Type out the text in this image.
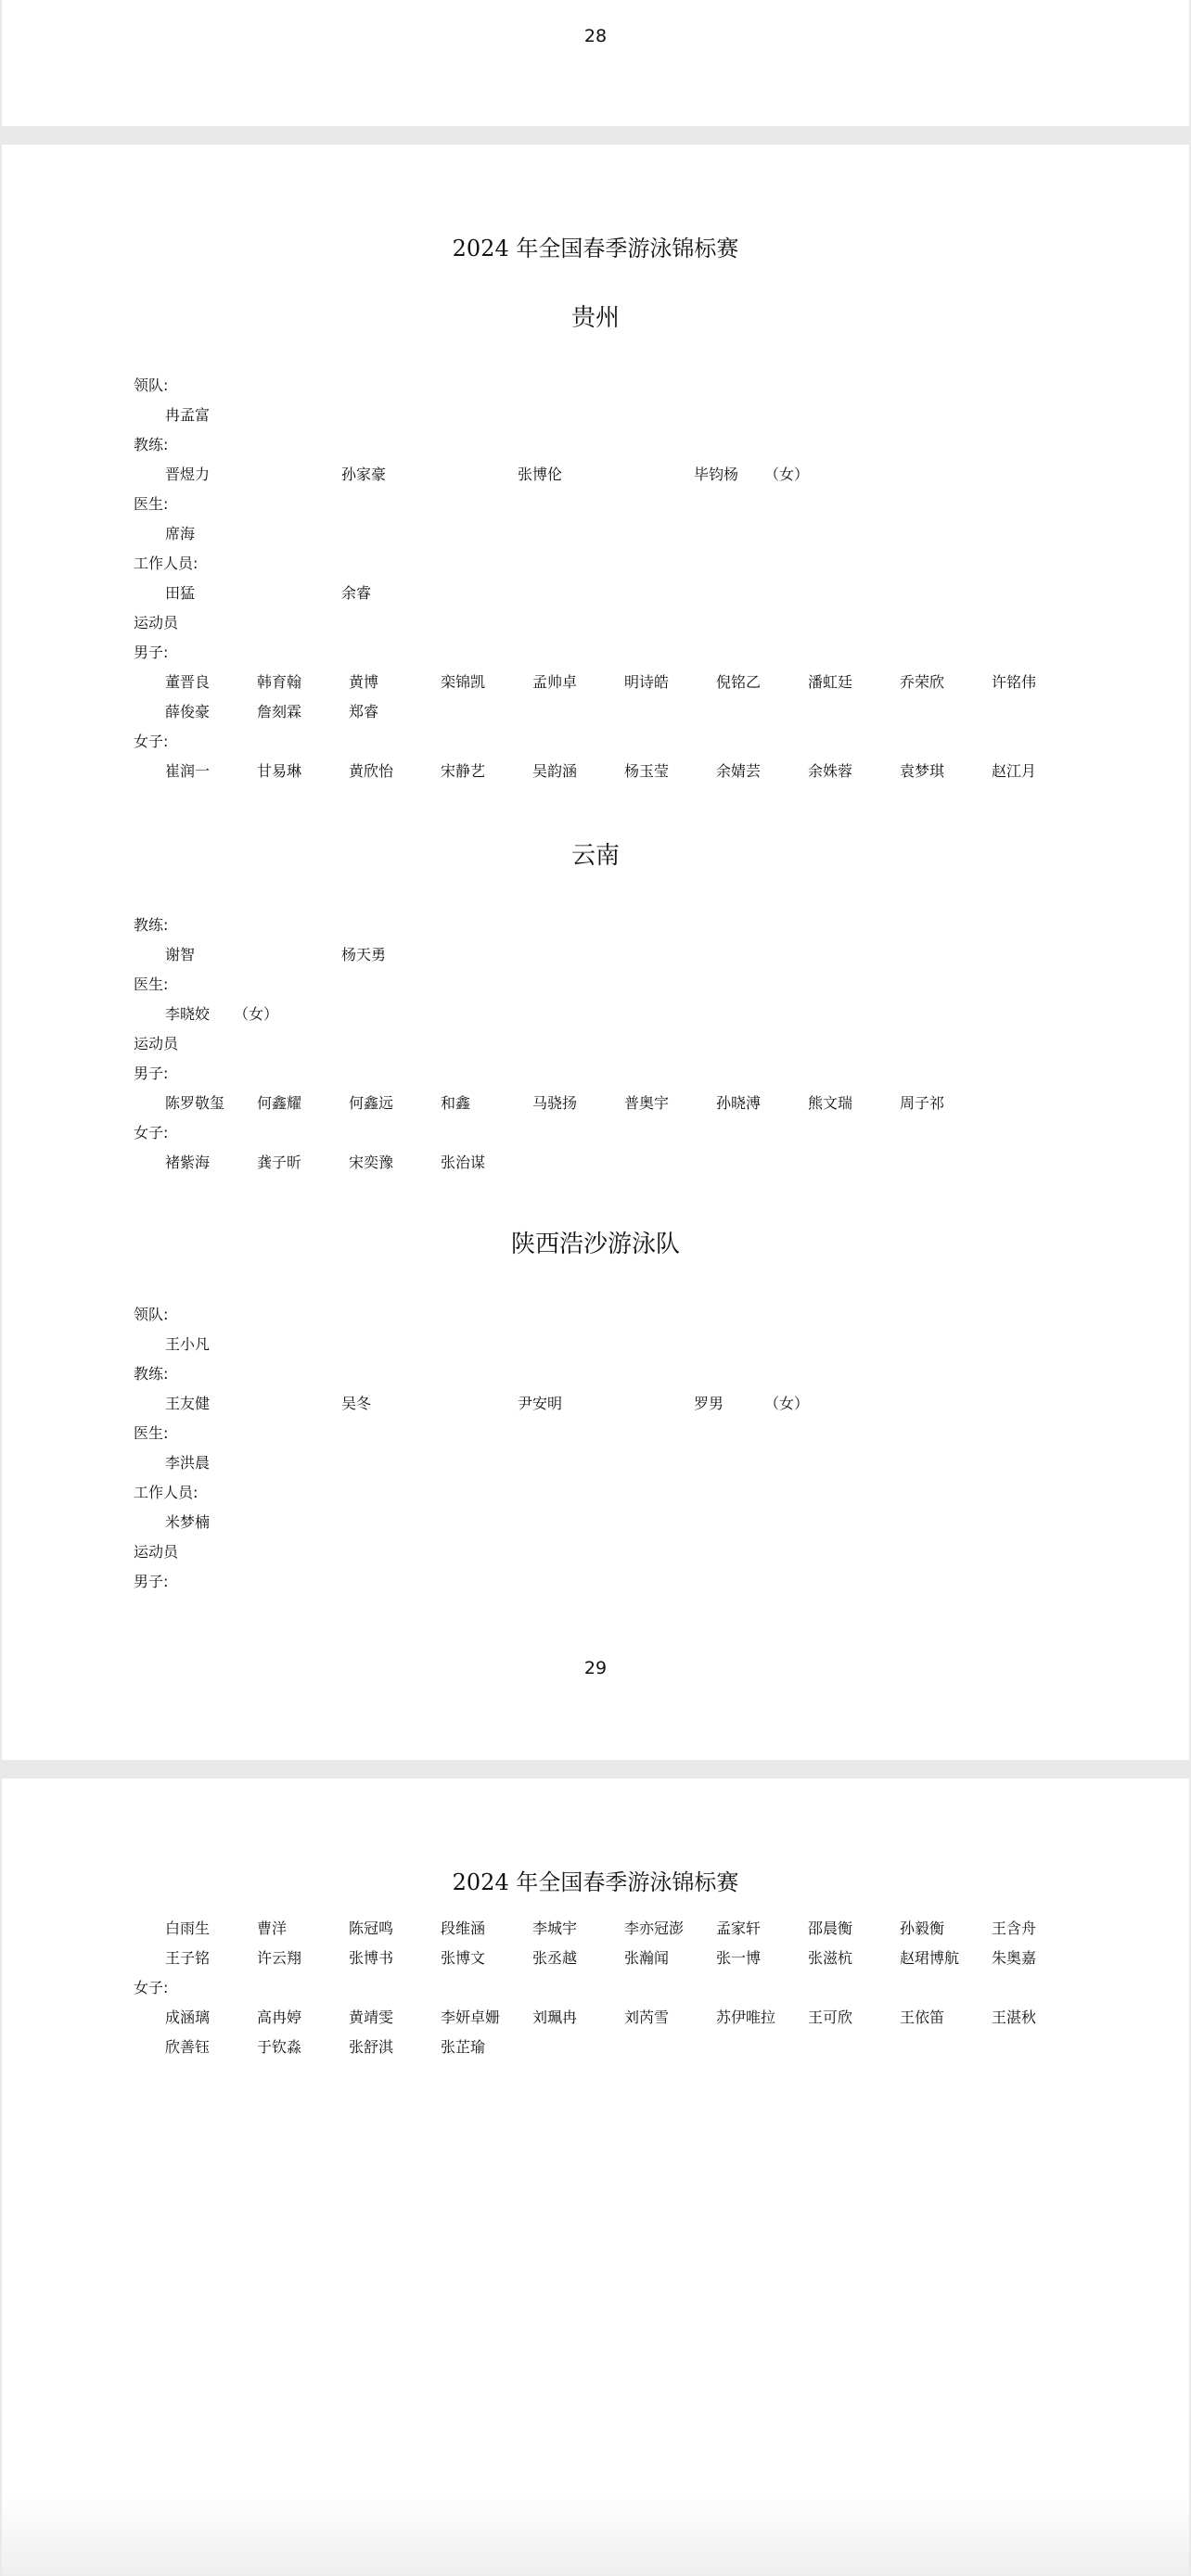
28
2024 年全国春季游泳锦标赛
贵州
领队:
冉孟富
教练:
晋煜力	孙家豪	张博伦	毕钧杨 （女）
医生:
席海
工作人员:
田猛	余睿
运动员
男子:
董晋良	韩育翰	黄博	栾锦凯	孟帅卓	明诗皓	倪铭乙	潘虹廷	乔荣欣	许铭伟
薛俊豪	詹刻霖	郑睿
女子:
崔润一	甘易琳	黄欣怡	宋静艺	吴韵涵	杨玉莹	余婧芸	余姝蓉	袁梦琪	赵江月
云南
教练:
谢智	杨天勇
医生:
李晓姣 （女）
运动员
男子:
陈罗敬玺 何鑫耀	何鑫远	和鑫	马骁扬	普奥宇	孙晓溥	熊文瑞	周子祁
女子:
褚紫海	龚子昕	宋奕豫	张治谋
陕西浩沙游泳队
领队:
王小凡
教练:
王友健	吴冬	尹安明	罗男	（女）
医生:
李洪晨
工作人员:
米梦楠
运动员
男子:
29
2024 年全国春季游泳锦标赛
白雨生	曹洋	陈冠鸣	段维涵	李城宇	李亦冠澎 孟家轩	邵晨衡	孙毅衡	王含舟
王子铭	许云翔	张博书	张博文	张丞越	张瀚闻	张一博	张滋杭	赵珺博航 朱奥嘉
女子:
成涵璃	高冉婷	黄靖雯	李妍卓姗 刘珮冉	刘芮雪	苏伊唯拉 王可欣	王依笛	王湛秋
欣善钰	于钦淼	张舒淇	张芷瑜
